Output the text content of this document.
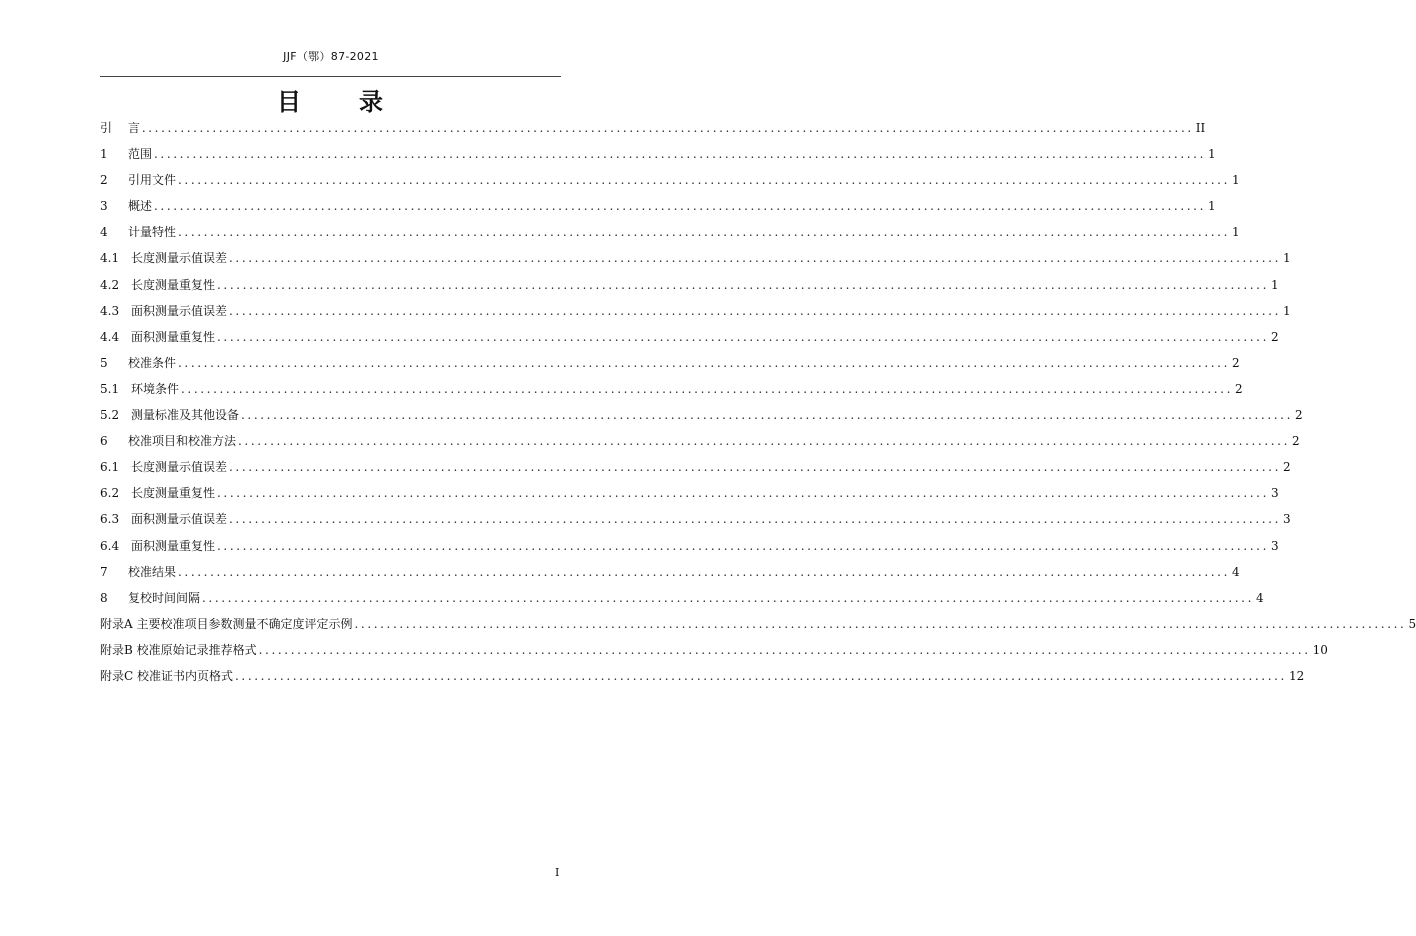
JJF（鄂）87-2021
目 录
引　 言 .................................................................................................................................................................... II
1	范围 .................................................................................................................................................................... 1
2	引用文件 .................................................................................................................................................................... 1
3	概述 .................................................................................................................................................................... 1
4	计量特性 .................................................................................................................................................................... 1
4.1 长度测量示值误差 .................................................................................................................................................................... 1
4.2 长度测量重复性 .................................................................................................................................................................... 1
4.3 面积测量示值误差 .................................................................................................................................................................... 1
4.4 面积测量重复性 .................................................................................................................................................................... 2
5	校准条件 .................................................................................................................................................................... 2
5.1 环境条件 .................................................................................................................................................................... 2
5.2 测量标准及其他设备 .................................................................................................................................................................... 2
6	校准项目和校准方法 .................................................................................................................................................................... 2
6.1 长度测量示值误差 .................................................................................................................................................................... 2
6.2 长度测量重复性 .................................................................................................................................................................... 3
6.3 面积测量示值误差 .................................................................................................................................................................... 3
6.4 面积测量重复性 .................................................................................................................................................................... 3
7	校准结果 .................................................................................................................................................................... 4
8	复校时间间隔 .................................................................................................................................................................... 4
附录A 主要校准项目参数测量不确定度评定示例 .................................................................................................................................................................... 5
附录B 校准原始记录推荐格式 .................................................................................................................................................................... 10
附录C 校准证书内页格式 .................................................................................................................................................................... 12
I
